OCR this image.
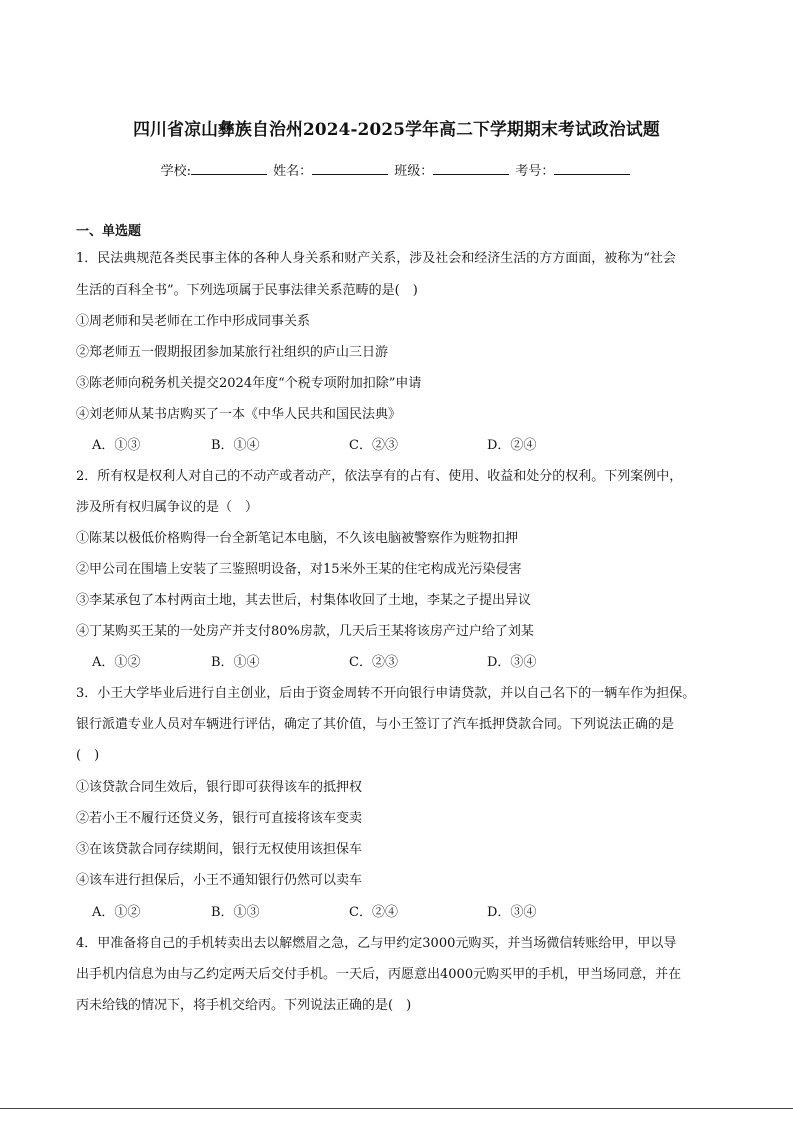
四川省凉山彝族自治州2024-2025学年高二下学期期末考试政治试题
学校:	姓名：	班级：	考号：
一、单选题
1．民法典规范各类民事主体的各种人身关系和财产关系，涉及社会和经济生活的方方面面，被称为“社会
生活的百科全书”。下列选项属于民事法律关系范畴的是(　)
①周老师和吴老师在工作中形成同事关系
②郑老师五一假期报团参加某旅行社组织的庐山三日游
③陈老师向税务机关提交2024年度“个税专项附加扣除”申请
④刘老师从某书店购买了一本《中华人民共和国民法典》
A．①③	B．①④	C．②③	D．②④
2．所有权是权利人对自己的不动产或者动产，依法享有的占有、使用、收益和处分的权利。下列案例中，
涉及所有权归属争议的是（　）
①陈某以极低价格购得一台全新笔记本电脑，不久该电脑被警察作为赃物扣押
②甲公司在围墙上安装了三鉴照明设备，对15米外王某的住宅构成光污染侵害
③李某承包了本村两亩土地，其去世后，村集体收回了土地，李某之子提出异议
④丁某购买王某的一处房产并支付80%房款，几天后王某将该房产过户给了刘某
A．①②	B．①④	C．②③	D．③④
3．小王大学毕业后进行自主创业，后由于资金周转不开向银行申请贷款，并以自己名下的一辆车作为担保。
银行派遣专业人员对车辆进行评估，确定了其价值，与小王签订了汽车抵押贷款合同。下列说法正确的是
(　)
①该贷款合同生效后，银行即可获得该车的抵押权
②若小王不履行还贷义务，银行可直接将该车变卖
③在该贷款合同存续期间，银行无权使用该担保车
④该车进行担保后，小王不通知银行仍然可以卖车
A．①②	B．①③	C．②④	D．③④
4．甲准备将自己的手机转卖出去以解燃眉之急，乙与甲约定3000元购买，并当场微信转账给甲，甲以导
出手机内信息为由与乙约定两天后交付手机。一天后，丙愿意出4000元购买甲的手机，甲当场同意，并在
丙未给钱的情况下，将手机交给丙。下列说法正确的是(　)
